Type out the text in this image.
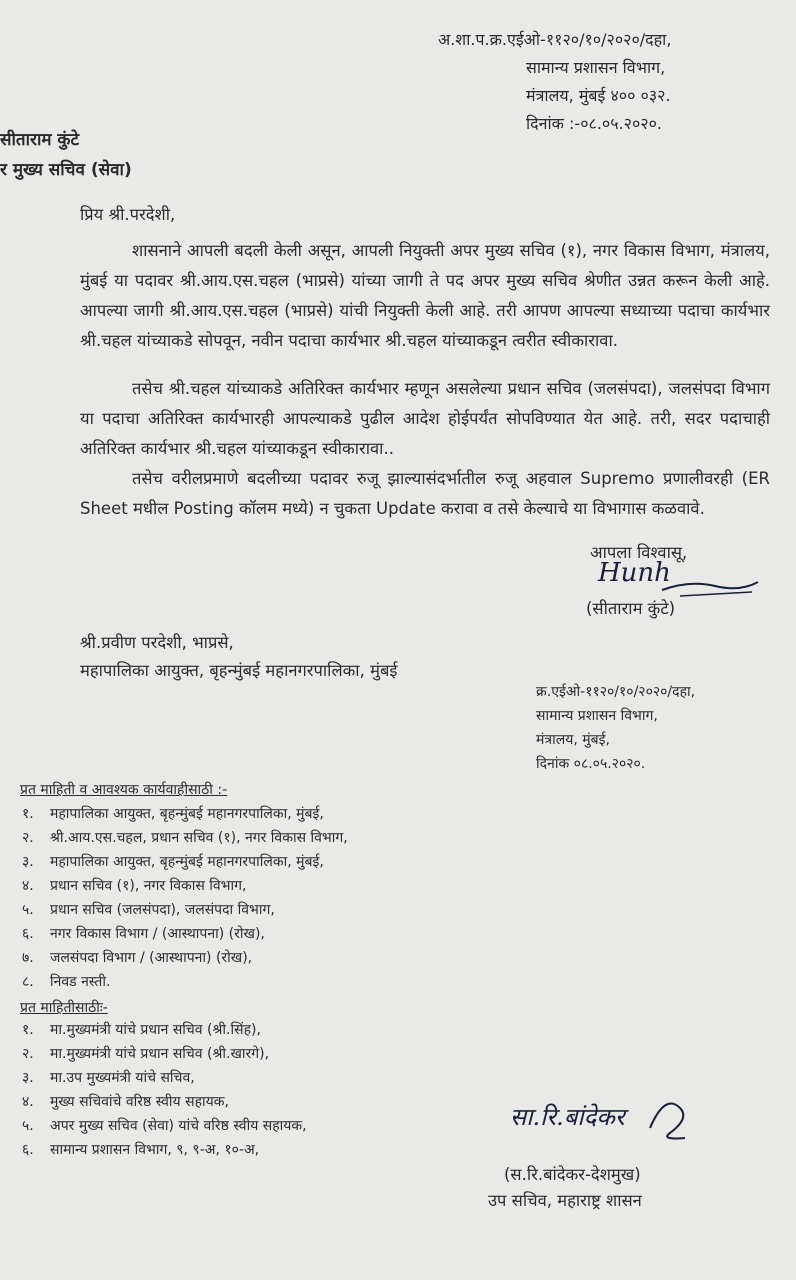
अ.शा.प.क्र.एईओ-११२०/१०/२०२०/दहा,
सामान्य प्रशासन विभाग,
मंत्रालय, मुंबई ४०० ०३२.
दिनांक :-०८.०५.२०२०.
सीताराम कुंटे
र मुख्य सचिव (सेवा)
प्रिय श्री.परदेशी,
शासनाने आपली बदली केली असून, आपली नियुक्ती अपर मुख्य सचिव (१), नगर विकास विभाग, मंत्रालय, मुंबई या पदावर श्री.आय.एस.चहल (भाप्रसे) यांच्या जागी ते पद अपर मुख्य सचिव श्रेणीत उन्नत करून केली आहे. आपल्या जागी श्री.आय.एस.चहल (भाप्रसे) यांची नियुक्ती केली आहे. तरी आपण आपल्या सध्याच्या पदाचा कार्यभार श्री.चहल यांच्याकडे सोपवून, नवीन पदाचा कार्यभार श्री.चहल यांच्याकडून त्वरीत स्वीकारावा.
तसेच श्री.चहल यांच्याकडे अतिरिक्त कार्यभार म्हणून असलेल्या प्रधान सचिव (जलसंपदा), जलसंपदा विभाग या पदाचा अतिरिक्त कार्यभारही आपल्याकडे पुढील आदेश होईपर्यंत सोपविण्यात येत आहे. तरी, सदर पदाचाही अतिरिक्त कार्यभार श्री.चहल यांच्याकडून स्वीकारावा..
तसेच वरीलप्रमाणे बदलीच्या पदावर रुजू झाल्यासंदर्भातील रुजू अहवाल Supremo प्रणालीवरही (ER Sheet मधील Posting कॉलम मध्ये) न चुकता Update करावा व तसे केल्याचे या विभागास कळवावे.
आपला विश्वासू,
Hunh
(सीताराम कुंटे)
श्री.प्रवीण परदेशी, भाप्रसे,
महापालिका आयुक्त, बृहन्मुंबई महानगरपालिका, मुंबई
क्र.एईओ-११२०/१०/२०२०/दहा,
सामान्य प्रशासन विभाग,
मंत्रालय, मुंबई,
दिनांक ०८.०५.२०२०.
प्रत माहिती व आवश्यक कार्यवाहीसाठी :-
१. महापालिका आयुक्त, बृहन्मुंबई महानगरपालिका, मुंबई,
२. श्री.आय.एस.चहल, प्रधान सचिव (१), नगर विकास विभाग,
३. महापालिका आयुक्त, बृहन्मुंबई महानगरपालिका, मुंबई,
४. प्रधान सचिव (१), नगर विकास विभाग,
५. प्रधान सचिव (जलसंपदा), जलसंपदा विभाग,
६. नगर विकास विभाग / (आस्थापना) (रोख),
७. जलसंपदा विभाग / (आस्थापना) (रोख),
८. निवड नस्ती.
प्रत माहितीसाठीः-
१. मा.मुख्यमंत्री यांचे प्रधान सचिव (श्री.सिंह),
२. मा.मुख्यमंत्री यांचे प्रधान सचिव (श्री.खारगे),
३. मा.उप मुख्यमंत्री यांचे सचिव,
४. मुख्य सचिवांचे वरिष्ठ स्वीय सहायक,
५. अपर मुख्य सचिव (सेवा) यांचे वरिष्ठ स्वीय सहायक,
६. सामान्य प्रशासन विभाग, ९, ९-अ, १०-अ,
सा.रि.बांदेकर
(स.रि.बांदेकर-देशमुख)
उप सचिव, महाराष्ट्र शासन
